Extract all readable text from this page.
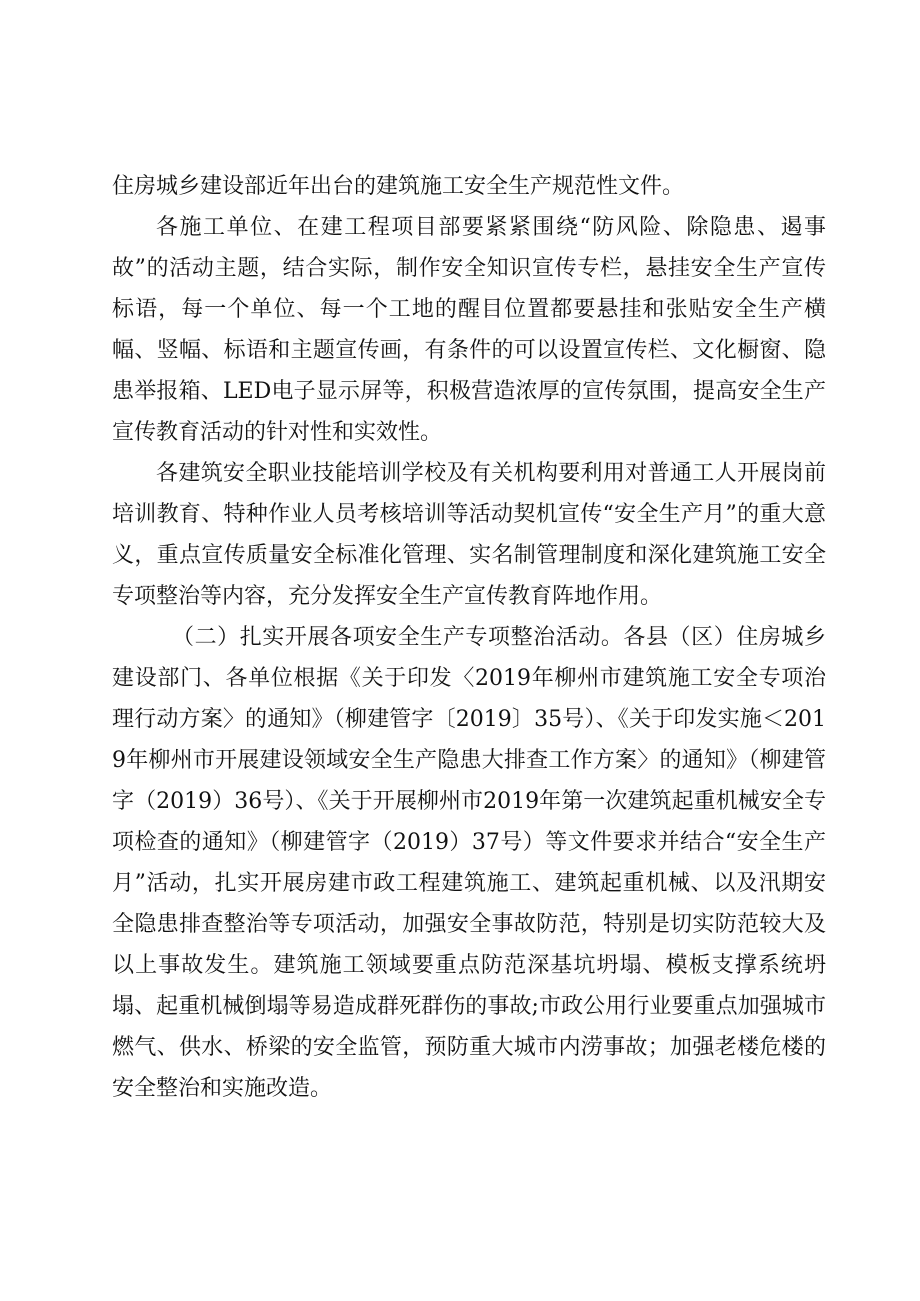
住房城乡建设部近年出台的建筑施工安全生产规范性文件。

各施工单位、在建工程项目部要紧紧围绕“防风险、除隐患、遏事故”的活动主题，结合实际，制作安全知识宣传专栏，悬挂安全生产宣传标语，每一个单位、每一个工地的醒目位置都要悬挂和张贴安全生产横幅、竖幅、标语和主题宣传画，有条件的可以设置宣传栏、文化橱窗、隐患举报箱、LED电子显示屏等，积极营造浓厚的宣传氛围，提高安全生产宣传教育活动的针对性和实效性。

各建筑安全职业技能培训学校及有关机构要利用对普通工人开展岗前培训教育、特种作业人员考核培训等活动契机宣传“安全生产月”的重大意义，重点宣传质量安全标准化管理、实名制管理制度和深化建筑施工安全专项整治等内容，充分发挥安全生产宣传教育阵地作用。

（二）扎实开展各项安全生产专项整治活动。各县（区）住房城乡建设部门、各单位根据《关于印发〈2019年柳州市建筑施工安全专项治理行动方案〉的通知》（柳建管字〔2019〕35号）、《关于印发实施＜2019年柳州市开展建设领域安全生产隐患大排查工作方案〉的通知》（柳建管字（2019）36号）、《关于开展柳州市2019年第一次建筑起重机械安全专项检查的通知》（柳建管字（2019）37号）等文件要求并结合“安全生产月”活动，扎实开展房建市政工程建筑施工、建筑起重机械、以及汛期安全隐患排查整治等专项活动，加强安全事故防范，特别是切实防范较大及以上事故发生。建筑施工领域要重点防范深基坑坍塌、模板支撑系统坍塌、起重机械倒塌等易造成群死群伤的事故;市政公用行业要重点加强城市燃气、供水、桥梁的安全监管，预防重大城市内涝事故；加强老楼危楼的安全整治和实施改造。
